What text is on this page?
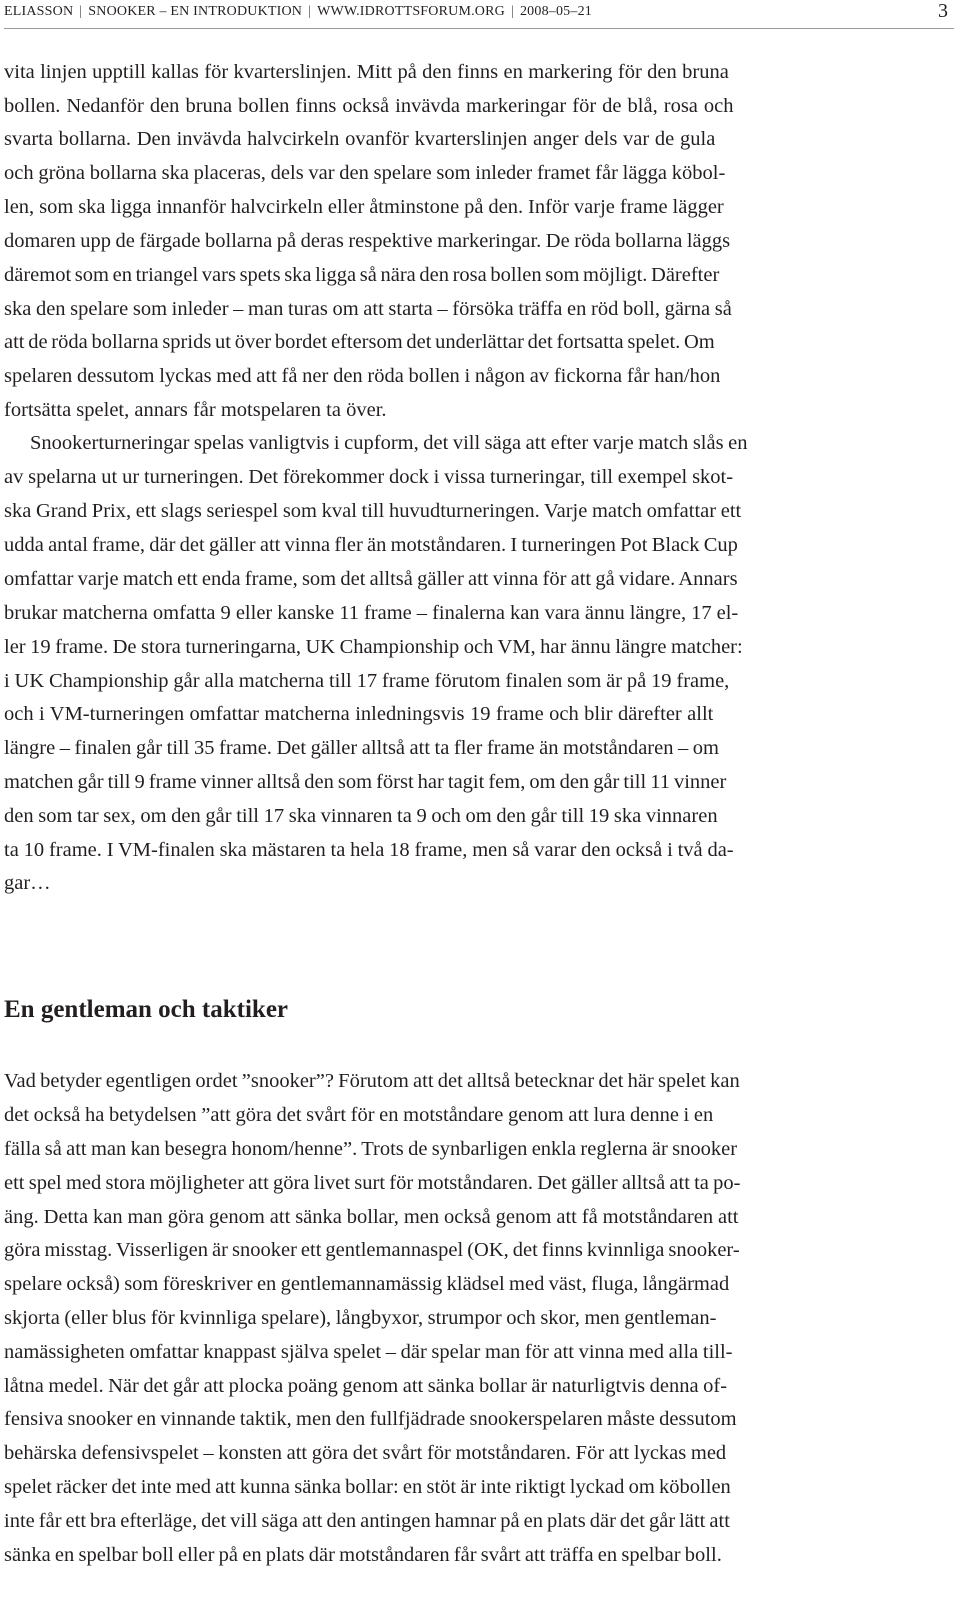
ELIASSON | SNOOKER – EN INTRODUKTION | WWW.IDROTTSFORUM.ORG | 2008–05–21	3
vita linjen upptill kallas för kvarterslinjen. Mitt på den finns en markering för den bruna
bollen. Nedanför den bruna bollen finns också invävda markeringar för de blå, rosa och
svarta bollarna. Den invävda halvcirkeln ovanför kvarterslinjen anger dels var de gula
och gröna bollarna ska placeras, dels var den spelare som inleder framet får lägga köbol-
len, som ska ligga innanför halvcirkeln eller åtminstone på den. Inför varje frame lägger
domaren upp de färgade bollarna på deras respektive markeringar. De röda bollarna läggs
däremot som en triangel vars spets ska ligga så nära den rosa bollen som möjligt. Därefter
ska den spelare som inleder – man turas om att starta – försöka träffa en röd boll, gärna så
att de röda bollarna sprids ut över bordet eftersom det underlättar det fortsatta spelet. Om
spelaren dessutom lyckas med att få ner den röda bollen i någon av fickorna får han/hon
fortsätta spelet, annars får motspelaren ta över.
Snookerturneringar spelas vanligtvis i cupform, det vill säga att efter varje match slås en
av spelarna ut ur turneringen. Det förekommer dock i vissa turneringar, till exempel skot-
ska Grand Prix, ett slags seriespel som kval till huvudturneringen. Varje match omfattar ett
udda antal frame, där det gäller att vinna fler än motståndaren. I turneringen Pot Black Cup
omfattar varje match ett enda frame, som det alltså gäller att vinna för att gå vidare. Annars
brukar matcherna omfatta 9 eller kanske 11 frame – finalerna kan vara ännu längre, 17 el-
ler 19 frame. De stora turneringarna, UK Championship och VM, har ännu längre matcher:
i UK Championship går alla matcherna till 17 frame förutom finalen som är på 19 frame,
och i VM-turneringen omfattar matcherna inledningsvis 19 frame och blir därefter allt
längre – finalen går till 35 frame. Det gäller alltså att ta fler frame än motståndaren – om
matchen går till 9 frame vinner alltså den som först har tagit fem, om den går till 11 vinner
den som tar sex, om den går till 17 ska vinnaren ta 9 och om den går till 19 ska vinnaren
ta 10 frame. I VM-finalen ska mästaren ta hela 18 frame, men så varar den också i två da-
gar…
En gentleman och taktiker
Vad betyder egentligen ordet ”snooker”? Förutom att det alltså betecknar det här spelet kan
det också ha betydelsen ”att göra det svårt för en motståndare genom att lura denne i en
fälla så att man kan besegra honom/henne”. Trots de synbarligen enkla reglerna är snooker
ett spel med stora möjligheter att göra livet surt för motståndaren. Det gäller alltså att ta po-
äng. Detta kan man göra genom att sänka bollar, men också genom att få motståndaren att
göra misstag. Visserligen är snooker ett gentlemannaspel (OK, det finns kvinnliga snooker-
spelare också) som föreskriver en gentlemannamässig klädsel med väst, fluga, långärmad
skjorta (eller blus för kvinnliga spelare), långbyxor, strumpor och skor, men gentleman-
namässigheten omfattar knappast själva spelet – där spelar man för att vinna med alla till-
låtna medel. När det går att plocka poäng genom att sänka bollar är naturligtvis denna of-
fensiva snooker en vinnande taktik, men den fullfjädrade snookerspelaren måste dessutom
behärska defensivspelet – konsten att göra det svårt för motståndaren. För att lyckas med
spelet räcker det inte med att kunna sänka bollar: en stöt är inte riktigt lyckad om köbollen
inte får ett bra efterläge, det vill säga att den antingen hamnar på en plats där det går lätt att
sänka en spelbar boll eller på en plats där motståndaren får svårt att träffa en spelbar boll.
